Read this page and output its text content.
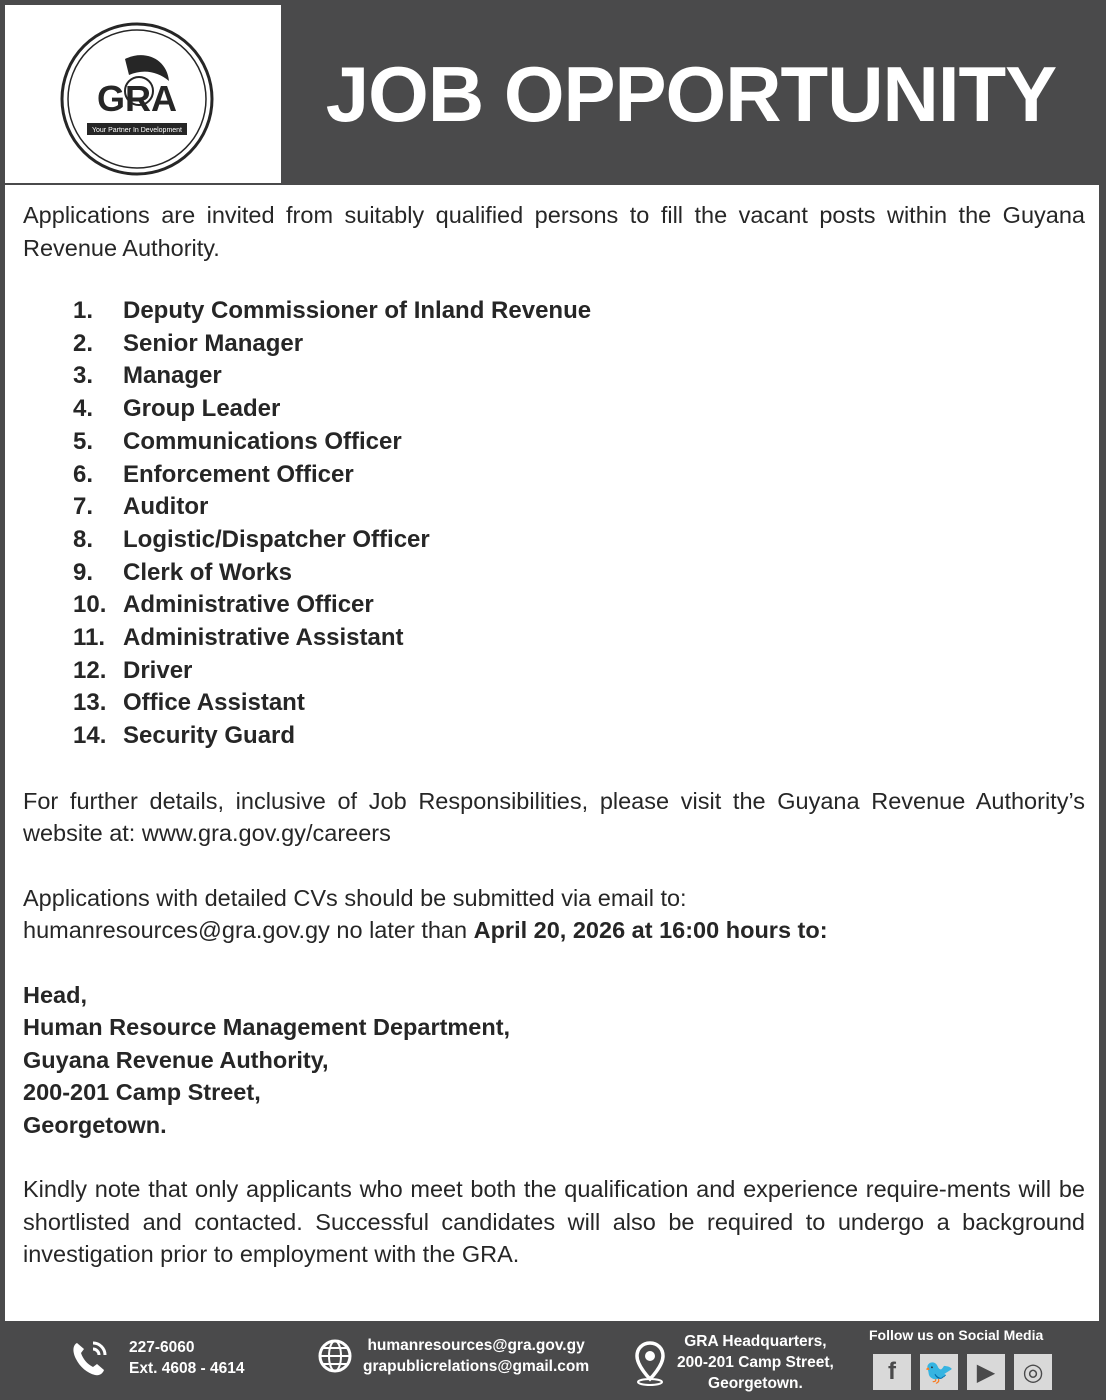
GRA
Your Partner In Development	JOB OPPORTUNITY

Applications are invited from suitably qualified persons to fill the vacant posts within the Guyana Revenue Authority.

1.	Deputy Commissioner of Inland Revenue
2.	Senior Manager
3.	Manager
4.	Group Leader
5.	Communications Officer
6.	Enforcement Officer
7.	Auditor
8.	Logistic/Dispatcher Officer
9.	Clerk of Works
10. Administrative Officer
11. Administrative Assistant
12. Driver
13. Office Assistant
14. Security Guard

For further details, inclusive of Job Responsibilities, please visit the Guyana Revenue Authority’s website at: www.gra.gov.gy/careers

Applications with detailed CVs should be submitted via email to:
humanresources@gra.gov.gy no later than April 20, 2026 at 16:00 hours to:

Head,
Human Resource Management Department,
Guyana Revenue Authority,
200-201 Camp Street,
Georgetown.

Kindly note that only applicants who meet both the qualification and experience require-ments will be shortlisted and contacted. Successful candidates will also be required to undergo a background investigation prior to employment with the GRA.

227-6060
Ext. 4608 - 4614
humanresources@gra.gov.gy
grapublicrelations@gmail.com
GRA Headquarters,
200-201 Camp Street,
Georgetown.
Follow us on Social Media
f	🐦 ▶	◎
